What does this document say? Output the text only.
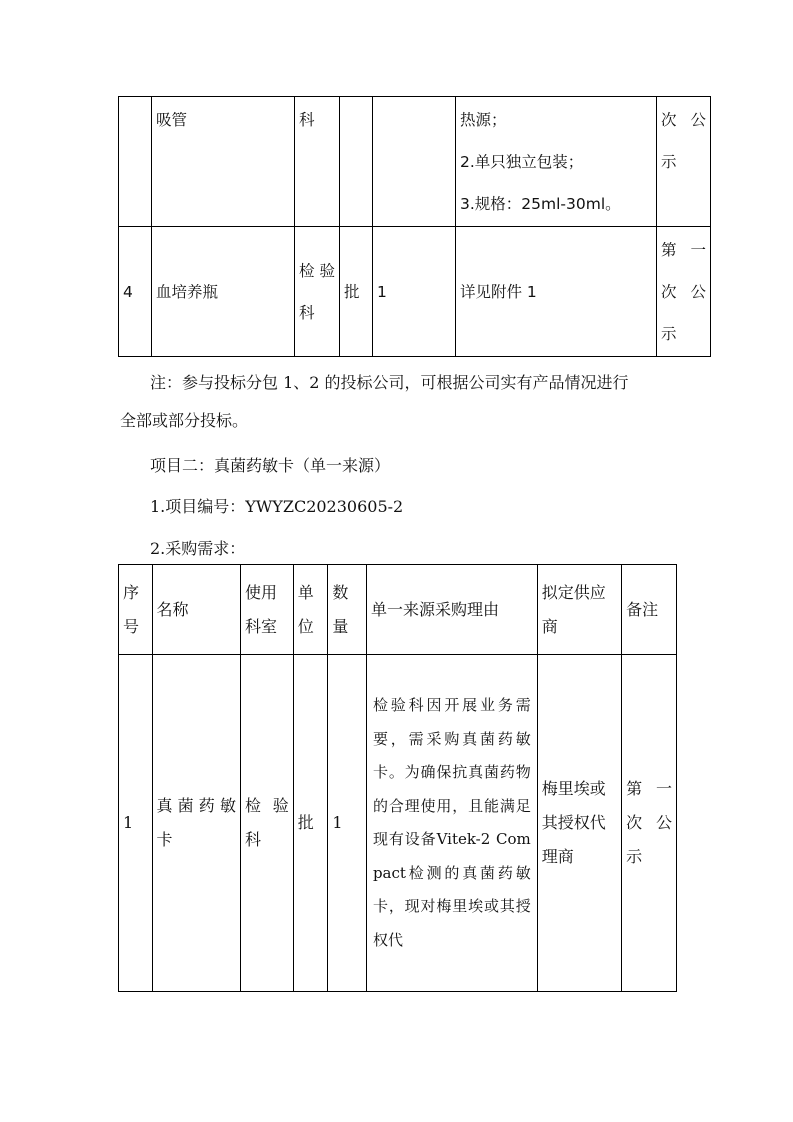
	吸管	科			热源；
2.单只独立包装；
3.规格：25ml-30ml。	次 公示
4	血培养瓶	检验科	批	1	详见附件 1	第一次公示
注：参与投标分包 1、2 的投标公司，可根据公司实有产品情况进行
全部或部分投标。
项目二：真菌药敏卡（单一来源）
1.项目编号：YWYZC20230605-2
2.采购需求：
序号	名称	使用科室	单位	数量	单一来源采购理由	拟定供应商	备注
1	真菌药敏卡	检验科	批	1	检验科因开展业务需要，需采购真菌药敏卡。为确保抗真菌药物的合理使用，且能满足现有设备Vitek-2 Compact检测的真菌药敏卡，现对梅里埃或其授权代	梅里埃或其授权代理商	第一次公示
